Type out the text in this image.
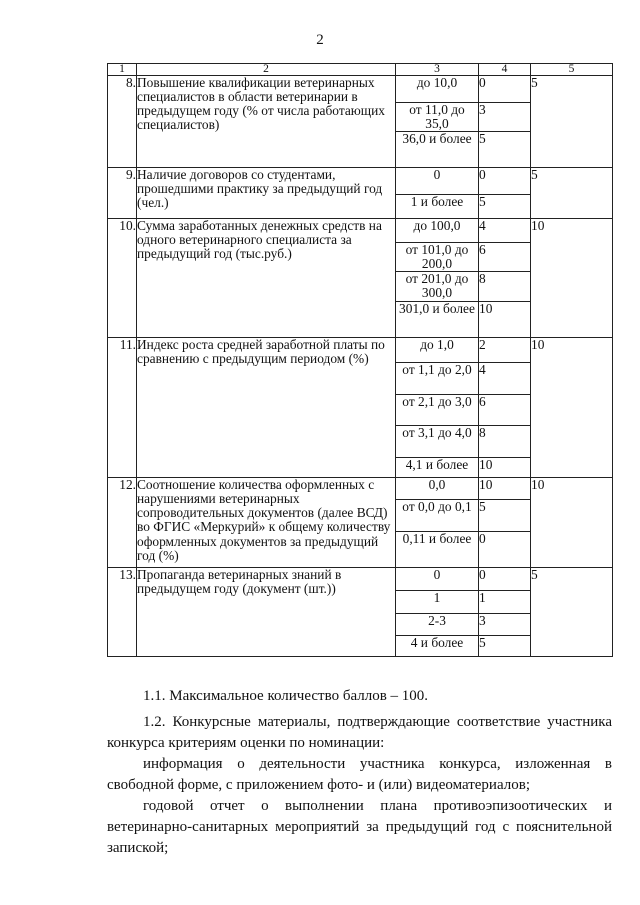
2
1	2	3	4	5
8.	Повышение квалификации ветеринарных специалистов в области ветеринарии в предыдущем году (% от числа работающих специалистов)	до 10,0	0	5
		от 11,0 до 35,0	3	
		36,0 и более	5	
9.	Наличие договоров со студентами, прошедшими практику за предыдущий год (чел.)	0	0	5
		1 и более	5	
10.	Сумма заработанных денежных средств на одного ветеринарного специалиста за предыдущий год (тыс.руб.)	до 100,0	4	10
		от 101,0 до 200,0	6	
		от 201,0 до 300,0	8	
		301,0 и более	10	
11.	Индекс роста средней заработной платы по сравнению с предыдущим периодом (%)	до 1,0	2	10
		от 1,1 до 2,0	4	
		от 2,1 до 3,0	6	
		от 3,1 до 4,0	8	
		4,1 и более	10	
12.	Соотношение количества оформленных с нарушениями ветеринарных сопроводительных документов (далее ВСД) во ФГИС «Меркурий» к общему количеству оформленных документов за предыдущий год (%)	0,0	10	10
		от 0,0 до 0,1	5	
		0,11 и более	0	
13.	Пропаганда ветеринарных знаний в предыдущем году (документ (шт.))	0	0	5
		1	1	
		2-3	3	
		4 и более	5	
1.1. Максимальное количество баллов – 100.
1.2. Конкурсные материалы, подтверждающие соответствие участника конкурса критериям оценки по номинации:
информация о деятельности участника конкурса, изложенная в свободной форме, с приложением фото- и (или) видеоматериалов;
годовой отчет о выполнении плана противоэпизоотических и ветеринарно-санитарных мероприятий за предыдущий год с пояснительной запиской;
